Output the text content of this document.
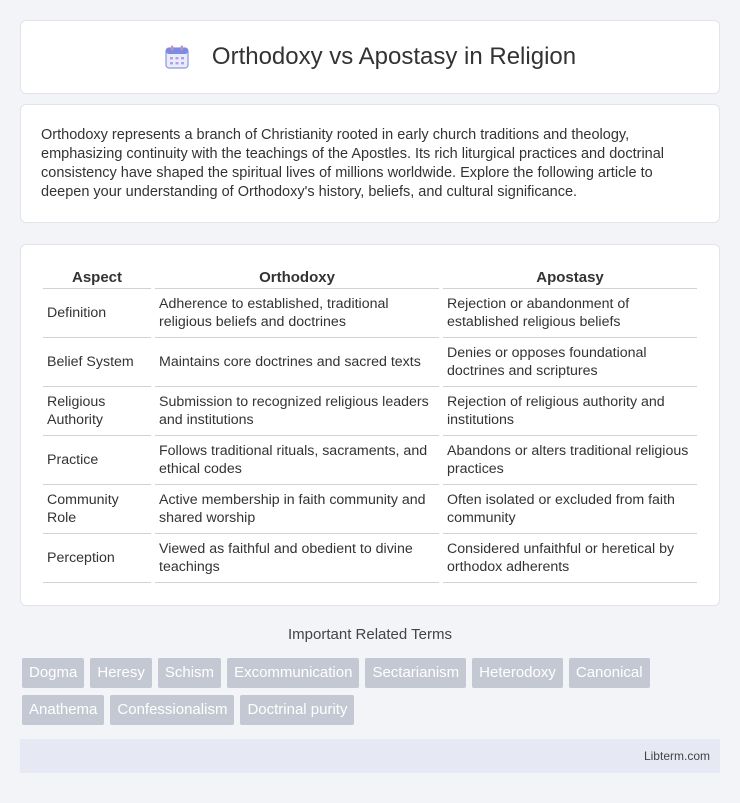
Orthodoxy vs Apostasy in Religion

Orthodoxy represents a branch of Christianity rooted in early church traditions and theology, emphasizing continuity with the teachings of the Apostles. Its rich liturgical practices and doctrinal consistency have shaped the spiritual lives of millions worldwide. Explore the following article to deepen your understanding of Orthodoxy's history, beliefs, and cultural significance.

Aspect	Orthodoxy	Apostasy
Definition	Adherence to established, traditional religious beliefs and doctrines	Rejection or abandonment of established religious beliefs
Belief System	Maintains core doctrines and sacred texts	Denies or opposes foundational doctrines and scriptures
Religious Authority	Submission to recognized religious leaders and institutions	Rejection of religious authority and institutions
Practice	Follows traditional rituals, sacraments, and ethical codes	Abandons or alters traditional religious practices
Community Role	Active membership in faith community and shared worship	Often isolated or excluded from faith community
Perception	Viewed as faithful and obedient to divine teachings	Considered unfaithful or heretical by orthodox adherents
Important Related Terms
Dogma	Heresy	Schism	Excommunication	Sectarianism	Heterodoxy	Canonical
Anathema	Confessionalism	Doctrinal purity
Libterm.com
